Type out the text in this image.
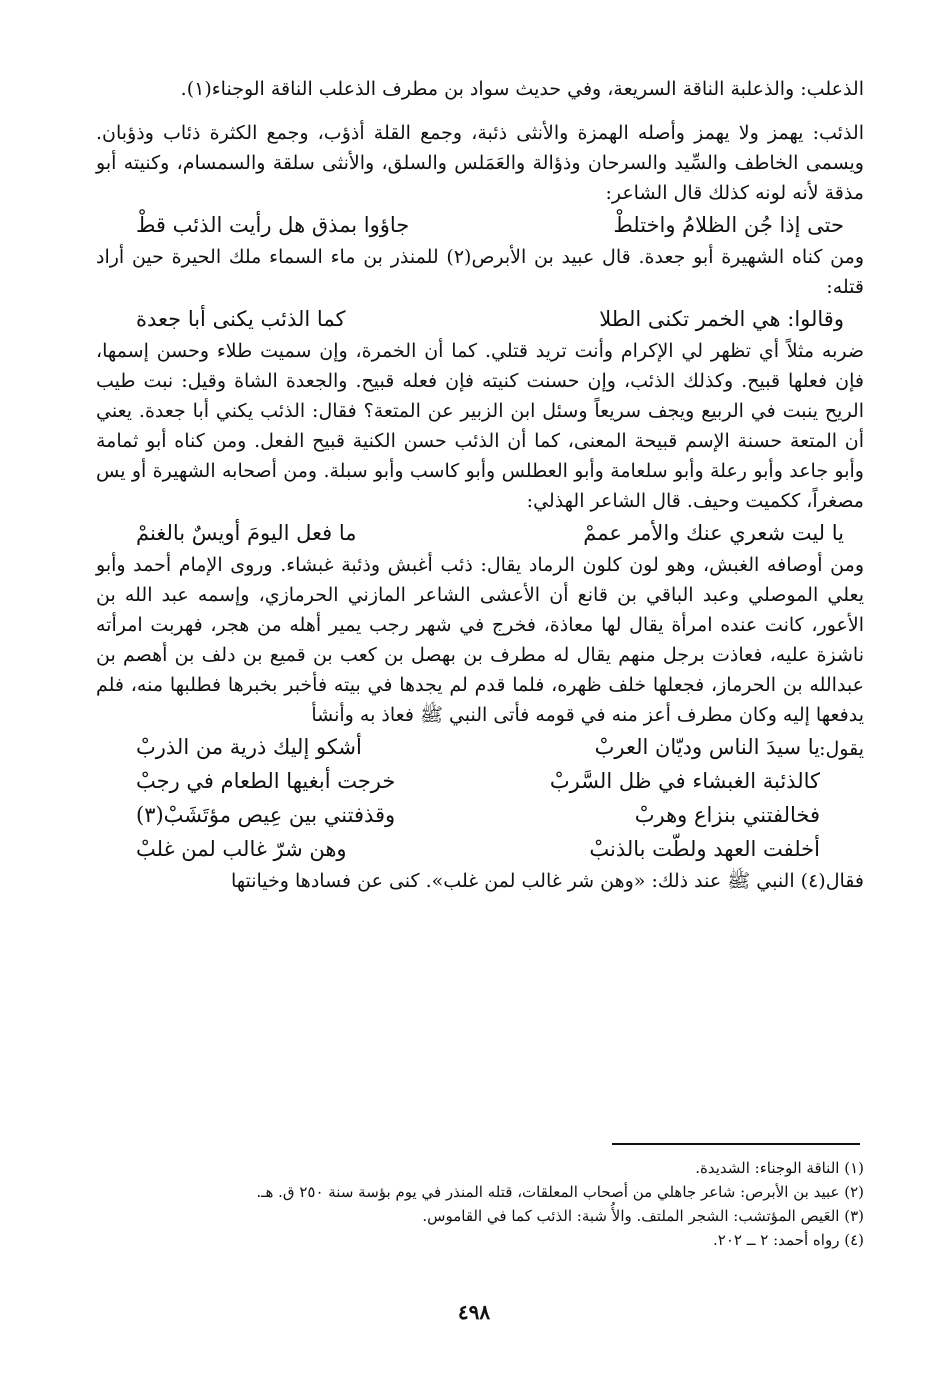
الذعلب: والذعلبة الناقة السريعة، وفي حديث سواد بن مطرف الذعلب الناقة الوجناء(١).

الذئب: يهمز ولا يهمز وأصله الهمزة والأنثى ذئبة، وجمع القلة أذؤب، وجمع الكثرة ذئاب وذؤبان. ويسمى الخاطف والسِّيد والسرحان وذؤالة والعَمَلس والسلق، والأنثى سلقة والسمسام، وكنيته أبو مذقة لأنه لونه كذلك قال الشاعر:

حتى إذا جُن الظلامُ واختلطْ
جاؤوا بمذق هل رأيت الذئب قطْ

ومن كناه الشهيرة أبو جعدة. قال عبيد بن الأبرص(٢) للمنذر بن ماء السماء ملك الحيرة حين أراد قتله:

وقالوا: هي الخمر تكنى الطلا
كما الذئب يكنى أبا جعدة

ضربه مثلاً أي تظهر لي الإكرام وأنت تريد قتلي. كما أن الخمرة، وإن سميت طلاء وحسن إسمها، فإن فعلها قبيح. وكذلك الذئب، وإن حسنت كنيته فإن فعله قبيح. والجعدة الشاة وقيل: نبت طيب الريح ينبت في الربيع ويجف سريعاً وسئل ابن الزبير عن المتعة؟ فقال: الذئب يكني أبا جعدة. يعني أن المتعة حسنة الإسم قبيحة المعنى، كما أن الذئب حسن الكنية قبيح الفعل. ومن كناه أبو ثمامة وأبو جاعد وأبو رعلة وأبو سلعامة وأبو العطلس وأبو كاسب وأبو سبلة. ومن أصحابه الشهيرة أو يس مصغراً، ككميت وحيف. قال الشاعر الهذلي:

يا ليت شعري عنك والأمر عممْ
ما فعل اليومَ أويسٌ بالغنمْ

ومن أوصافه الغبش، وهو لون كلون الرماد يقال: ذئب أغبش وذئبة غبشاء. وروى الإمام أحمد وأبو يعلي الموصلي وعبد الباقي بن قانع أن الأعشى الشاعر المازني الحرمازي، وإسمه عبد الله بن الأعور، كانت عنده امرأة يقال لها معاذة، فخرج في شهر رجب يمير أهله من هجر، فهربت امرأته ناشزة عليه، فعاذت برجل منهم يقال له مطرف بن بهصل بن كعب بن قميع بن دلف بن أهصم بن عبدالله بن الحرماز، فجعلها خلف ظهره، فلما قدم لم يجدها في بيته فأخبر بخبرها فطلبها منه، فلم يدفعها إليه وكان مطرف أعز منه في قومه فأتى النبي ﷺ فعاذ به وأنشأ

يقول:
يا سيدَ الناس وديّان العربْ
أشكو إليك ذرية من الذربْ
كالذئبة الغبشاء في ظل السَّربْ
خرجت أبغيها الطعام في رجبْ
فخالفتني بنزاع وهربْ
وقذفتني بين عِيص مؤتَشَبْ(٣)
أخلفت العهد ولطّت بالذنبْ
وهن شرّ غالب لمن غلبْ

فقال(٤) النبي ﷺ عند ذلك: «وهن شر غالب لمن غلب». كنى عن فسادها وخيانتها

(١) الناقة الوجناء: الشديدة.
(٢) عبيد بن الأبرص: شاعر جاهلي من أصحاب المعلقات، قتله المنذر في يوم بؤسة سنة ٢٥٠ ق. هـ.
(٣) العَيص المؤتشب: الشجر الملتف. والأُ شبة: الذئب كما في القاموس.
(٤) رواه أحمد: ٢ ــ ٢٠٢.
٤٩٨
